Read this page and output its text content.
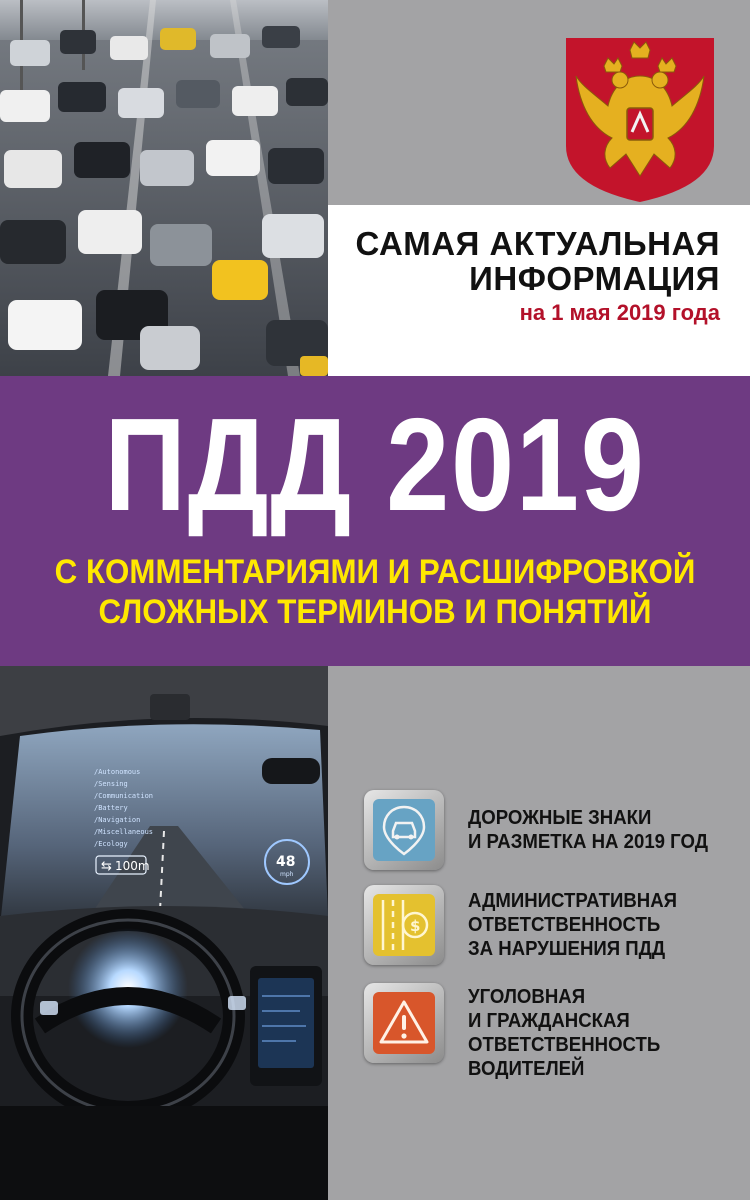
САМАЯ АКТУАЛЬНАЯ
ИНФОРМАЦИЯ
на 1 мая 2019 года
ПДД 2019
С КОММЕНТАРИЯМИ И РАСШИФРОВКОЙ
СЛОЖНЫХ ТЕРМИНОВ И ПОНЯТИЙ
/Autonomous
/Sensing
/Communication
/Battery
/Navigation
/Miscellaneous
/Ecology
⇆ 100m	48
mph
ДОРОЖНЫЕ ЗНАКИ
И РАЗМЕТКА НА 2019 ГОД
$
АДМИНИСТРАТИВНАЯ
ОТВЕТСТВЕННОСТЬ
ЗА НАРУШЕНИЯ ПДД
УГОЛОВНАЯ
И ГРАЖДАНСКАЯ
ОТВЕТСТВЕННОСТЬ
ВОДИТЕЛЕЙ
